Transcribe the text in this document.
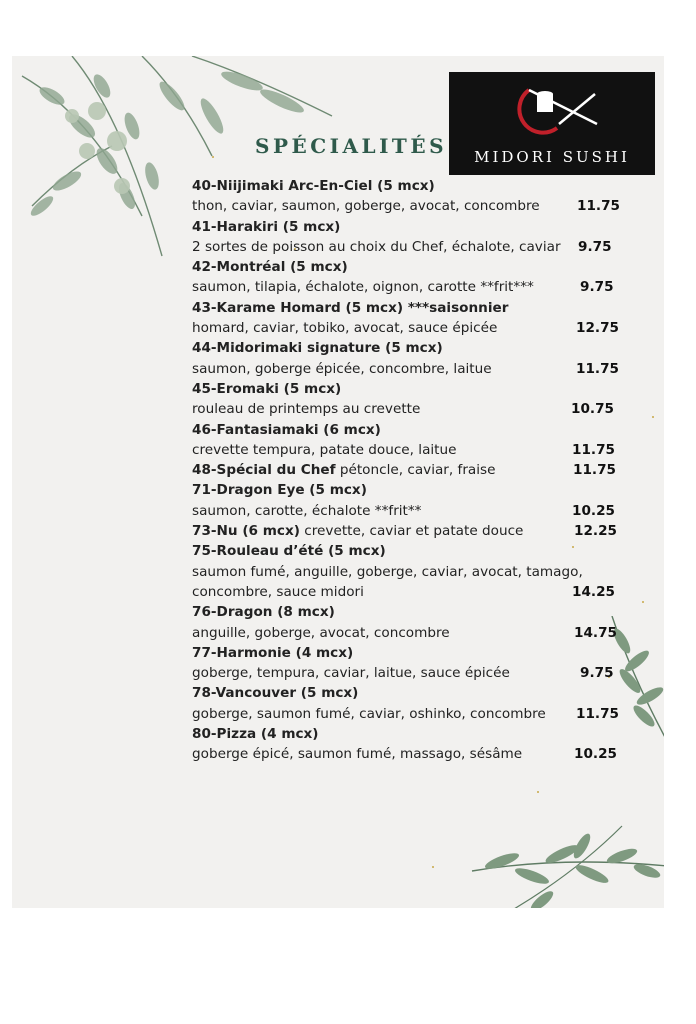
SPÉCIALITÉS	MIDORI SUSHI
40-Niijimaki Arc-En-Ciel (5 mcx)
thon, caviar, saumon, goberge, avocat, concombre	11.75
41-Harakiri (5 mcx)
2 sortes de poisson au choix du Chef, échalote, caviar 9.75
42-Montréal (5 mcx)
saumon, tilapia, échalote, oignon, carotte **frit***	9.75
43-Karame Homard (5 mcx) ***saisonnier
homard, caviar, tobiko, avocat, sauce épicée	12.75
44-Midorimaki signature (5 mcx)
saumon, goberge épicée, concombre, laitue	11.75
45-Eromaki (5 mcx)
rouleau de printemps au crevette	10.75
46-Fantasiamaki (6 mcx)
crevette tempura, patate douce, laitue	11.75
48-Spécial du Chef pétoncle, caviar, fraise	11.75
71-Dragon Eye (5 mcx)
saumon, carotte, échalote **frit**	10.25
73-Nu (6 mcx) crevette, caviar et patate douce	12.25
75-Rouleau d’été (5 mcx)
saumon fumé, anguille, goberge, caviar, avocat, tamago,
concombre, sauce midori	14.25
76-Dragon (8 mcx)
anguille, goberge, avocat, concombre	14.75
77-Harmonie (4 mcx)
goberge, tempura, caviar, laitue, sauce épicée	9.75
78-Vancouver (5 mcx)
goberge, saumon fumé, caviar, oshinko, concombre 11.75
80-Pizza (4 mcx)
goberge épicé, saumon fumé, massago, sésâme	10.25
